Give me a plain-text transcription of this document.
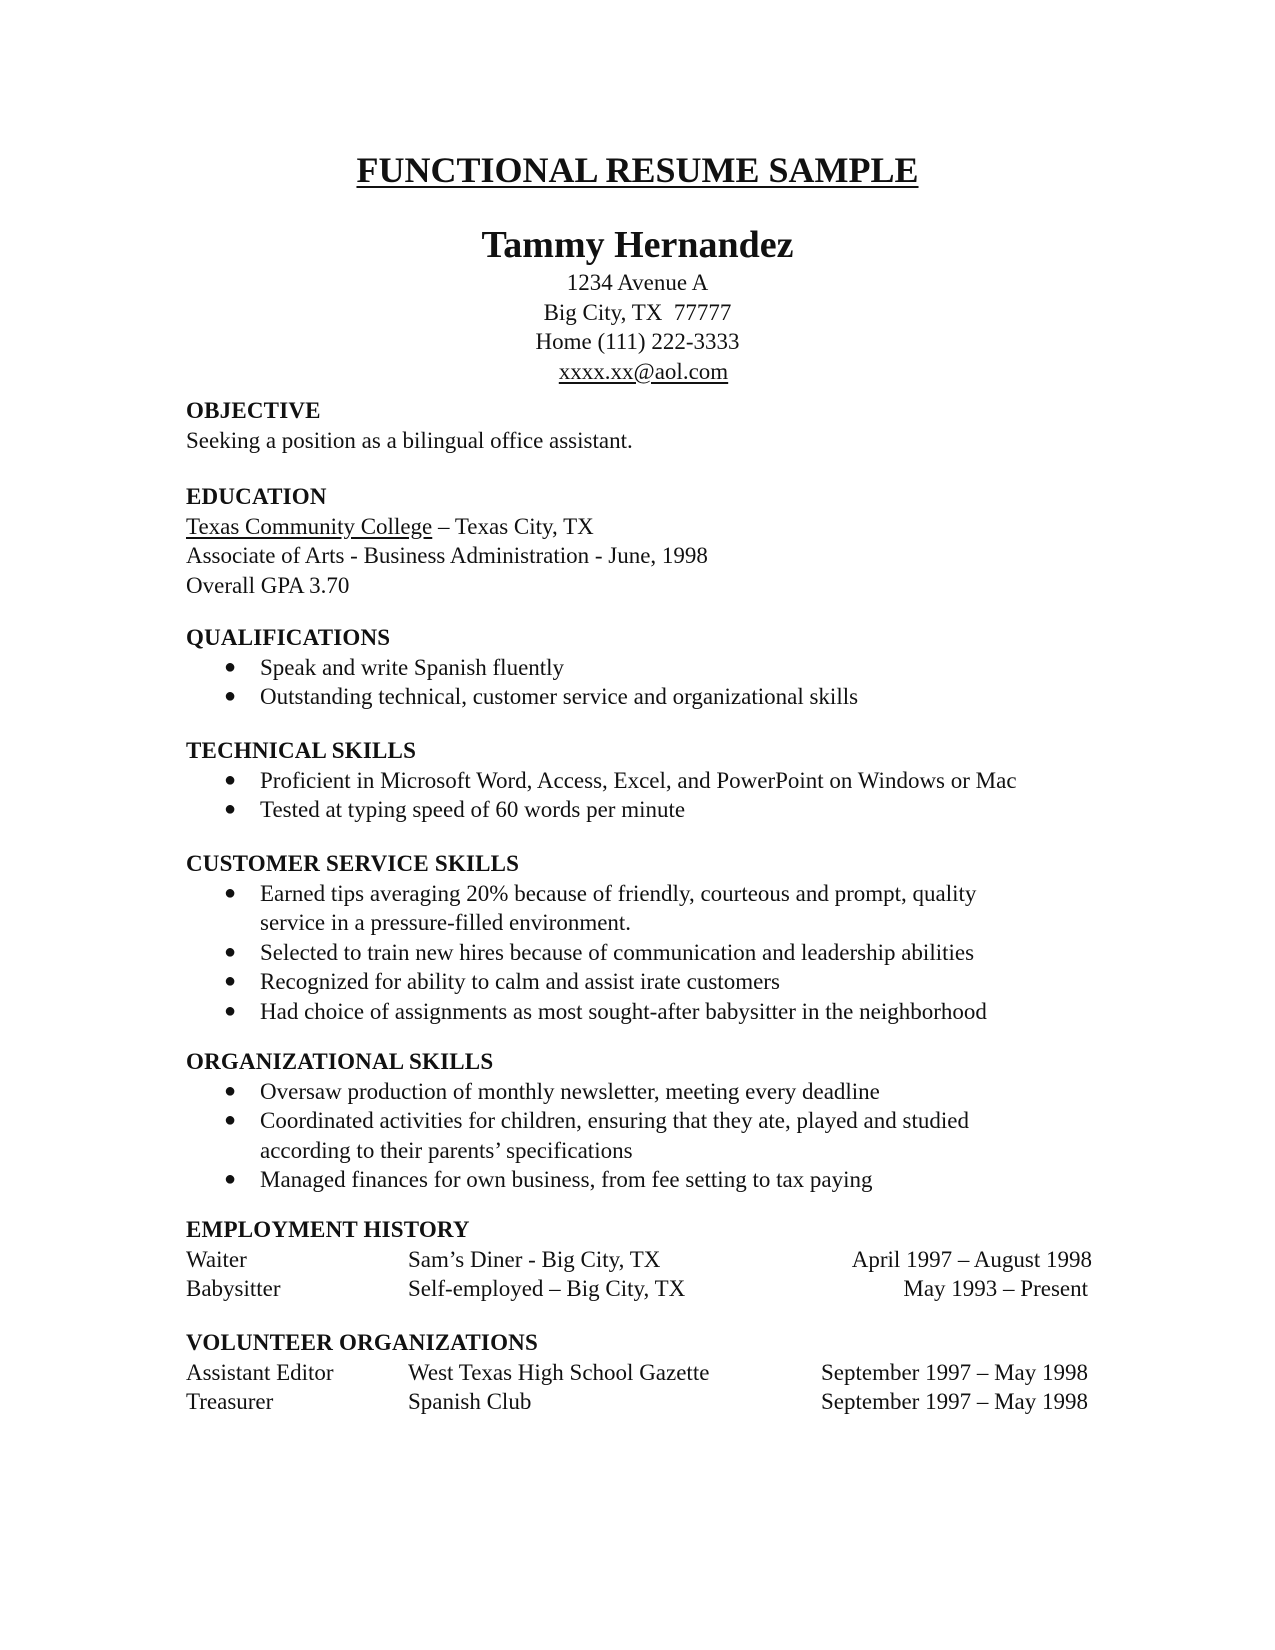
FUNCTIONAL RESUME SAMPLE
Tammy Hernandez
1234 Avenue A
Big City, TX  77777
Home (111) 222-3333
xxxx.xx@aol.com
OBJECTIVE

Seeking a position as a bilingual office assistant.

EDUCATION

Texas Community College – Texas City, TX

Associate of Arts - Business Administration - June, 1998

Overall GPA 3.70

QUALIFICATIONS
● Speak and write Spanish fluently
● Outstanding technical, customer service and organizational skills
TECHNICAL SKILLS
● Proficient in Microsoft Word, Access, Excel, and PowerPoint on Windows or Mac
● Tested at typing speed of 60 words per minute
CUSTOMER SERVICE SKILLS
● Earned tips averaging 20% because of friendly, courteous and prompt, quality service in a pressure-filled environment.
● Selected to train new hires because of communication and leadership abilities
● Recognized for ability to calm and assist irate customers
● Had choice of assignments as most sought-after babysitter in the neighborhood
ORGANIZATIONAL SKILLS
● Oversaw production of monthly newsletter, meeting every deadline
● Coordinated activities for children, ensuring that they ate, played and studied according to their parents’ specifications
● Managed finances for own business, from fee setting to tax paying
EMPLOYMENT HISTORY
Waiter	Sam’s Diner - Big City, TX	April 1997 – August 1998
Babysitter	Self-employed – Big City, TX	May 1993 – Present
VOLUNTEER ORGANIZATIONS
Assistant Editor	West Texas High School Gazette	September 1997 – May 1998
Treasurer	Spanish Club	September 1997 – May 1998
